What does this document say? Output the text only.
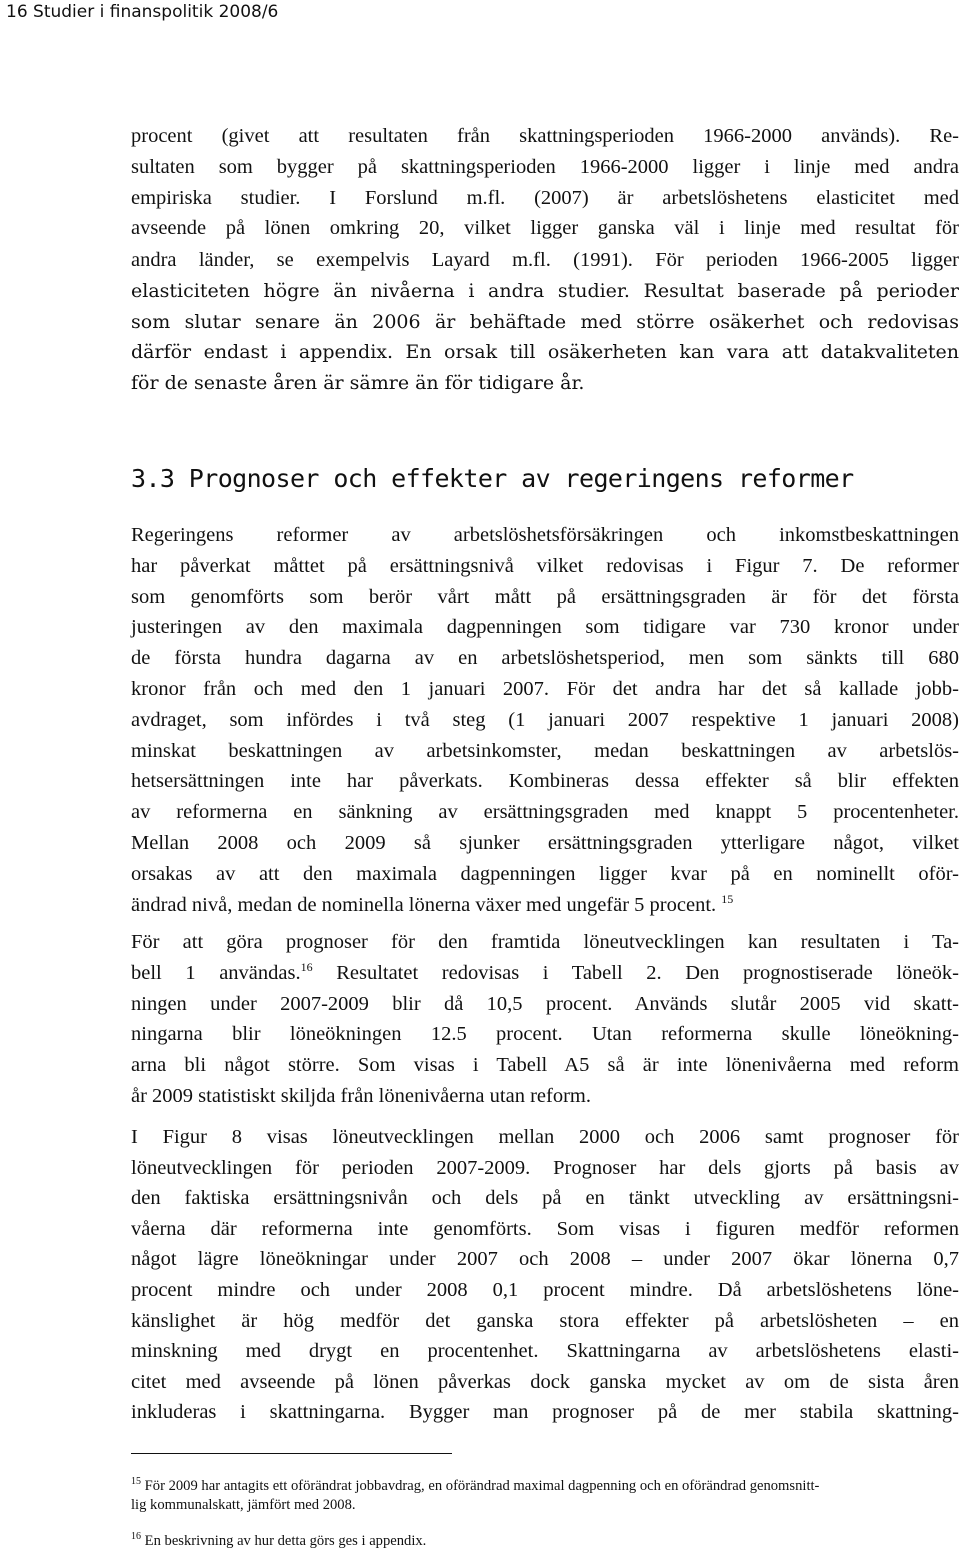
16 Studier i finanspolitik 2008/6
procent (givet att resultaten från skattningsperioden 1966-2000 används). Re-
sultaten som bygger på skattningsperioden 1966-2000 ligger i linje med andra
empiriska studier. I Forslund m.fl. (2007) är arbetslöshetens elasticitet med
avseende på lönen omkring 20, vilket ligger ganska väl i linje med resultat för
andra länder, se exempelvis Layard m.fl. (1991). För perioden 1966-2005 ligger
elasticiteten högre än nivåerna i andra studier. Resultat baserade på perioder
som slutar senare än 2006 är behäftade med större osäkerhet och redovisas
därför endast i appendix. En orsak till osäkerheten kan vara att datakvaliteten
för de senaste åren är sämre än för tidigare år.
3.3 Prognoser och effekter av regeringens reformer
Regeringens reformer av arbetslöshetsförsäkringen och inkomstbeskattningen
har påverkat måttet på ersättningsnivå vilket redovisas i Figur 7. De reformer
som genomförts som berör vårt mått på ersättningsgraden är för det första
justeringen av den maximala dagpenningen som tidigare var 730 kronor under
de första hundra dagarna av en arbetslöshetsperiod, men som sänkts till 680
kronor från och med den 1 januari 2007. För det andra har det så kallade jobb-
avdraget, som infördes i två steg (1 januari 2007 respektive 1 januari 2008)
minskat beskattningen av arbetsinkomster, medan beskattningen av arbetslös-
hetsersättningen inte har påverkats. Kombineras dessa effekter så blir effekten
av reformerna en sänkning av ersättningsgraden med knappt 5 procentenheter.
Mellan 2008 och 2009 så sjunker ersättningsgraden ytterligare något, vilket
orsakas av att den maximala dagpenningen ligger kvar på en nominellt oför-
ändrad nivå, medan de nominella lönerna växer med ungefär 5 procent. $^{15}$
För att göra prognoser för den framtida löneutvecklingen kan resultaten i Ta-
bell 1 användas.$^{16}$ Resultatet redovisas i Tabell 2. Den prognostiserade löneök-
ningen under 2007-2009 blir då 10,5 procent. Används slutår 2005 vid skatt-
ningarna blir löneökningen 12.5 procent. Utan reformerna skulle löneökning-
arna bli något större. Som visas i Tabell A5 så är inte lönenivåerna med reform
år 2009 statistiskt skiljda från lönenivåerna utan reform.
I Figur 8 visas löneutvecklingen mellan 2000 och 2006 samt prognoser för
löneutvecklingen för perioden 2007-2009. Prognoser har dels gjorts på basis av
den faktiska ersättningsnivån och dels på en tänkt utveckling av ersättningsni-
våerna där reformerna inte genomförts. Som visas i figuren medför reformen
något lägre löneökningar under 2007 och 2008 – under 2007 ökar lönerna 0,7
procent mindre och under 2008 0,1 procent mindre. Då arbetslöshetens löne-
känslighet är hög medför det ganska stora effekter på arbetslösheten – en
minskning med drygt en procentenhet. Skattningarna av arbetslöshetens elasti-
citet med avseende på lönen påverkas dock ganska mycket av om de sista åren
inkluderas i skattningarna. Bygger man prognoser på de mer stabila skattning-
$^{15}$ För 2009 har antagits ett oförändrat jobbavdrag, en oförändrad maximal dagpenning och en oförändrad genomsnitt-
lig kommunalskatt, jämfört med 2008.
$^{16}$ En beskrivning av hur detta görs ges i appendix.
